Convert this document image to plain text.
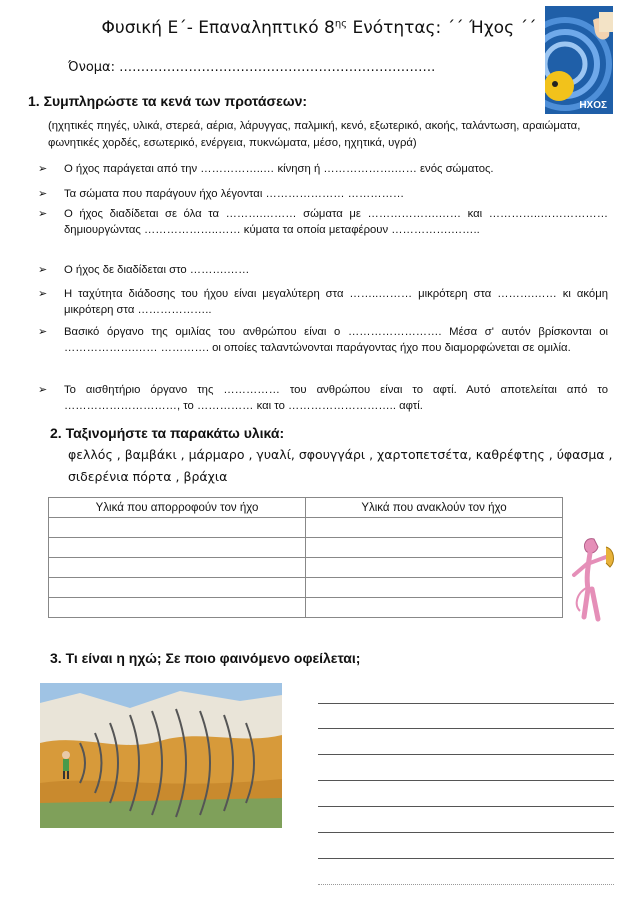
Φυσική Ε΄- Επαναληπτικό $8^{\eta\varsigma}$ Ενότητας: ΄΄ Ήχος ΄΄
Όνομα: ……………………………………………………………….
ΗΧΟΣ
1. Συμπληρώστε τα κενά των προτάσεων:
(ηχητικές πηγές, υλικά, στερεά, αέρια, λάρυγγας, παλμική, κενό, εξωτερικό, ακοής, ταλάντωση, αραιώματα, φωνητικές χορδές, εσωτερικό, ενέργεια, πυκνώματα, μέσο, ηχητικά, υγρά)
➢	Ο ήχος παράγεται από την ……………..… κίνηση ή ……………….…… ενός σώματος.
➢	Τα σώματα που παράγουν ήχο λέγονται ………………… ……………
➢	Ο ήχος διαδίδεται σε όλα τα ……….……… σώματα με ……………….…… και …………..……………… δημιουργώντας ………………..…… κύματα τα οποία μεταφέρουν …………….……..
➢	Ο ήχος δε διαδίδεται στο ……….……
➢	Η ταχύτητα διάδοσης του ήχου είναι μεγαλύτερη στα ……..……… μικρότερη στα ……….…… κι ακόμη μικρότερη στα ………………..
➢	Βασικό όργανο της ομιλίας του ανθρώπου είναι ο ……………………. Μέσα σ' αυτόν βρίσκονται οι ……………….…… …………. οι οποίες ταλαντώνονται παράγοντας ήχο που διαμορφώνεται σε ομιλία.
➢	Το αισθητήριο όργανο της …………… του ανθρώπου είναι το αφτί. Αυτό αποτελείται από το …………………………, το …………… και το ……………………….. αφτί.
2. Ταξινομήστε τα παρακάτω υλικά:
φελλός , βαμβάκι , μάρμαρο , γυαλί, σφουγγάρι , χαρτοπετσέτα, καθρέφτης , ύφασμα , σιδερένια πόρτα , βράχια
Υλικά που απορροφούν τον ήχο	Υλικά που ανακλούν τον ήχο

3. Τι είναι η ηχώ; Σε ποιο φαινόμενο οφείλεται;
